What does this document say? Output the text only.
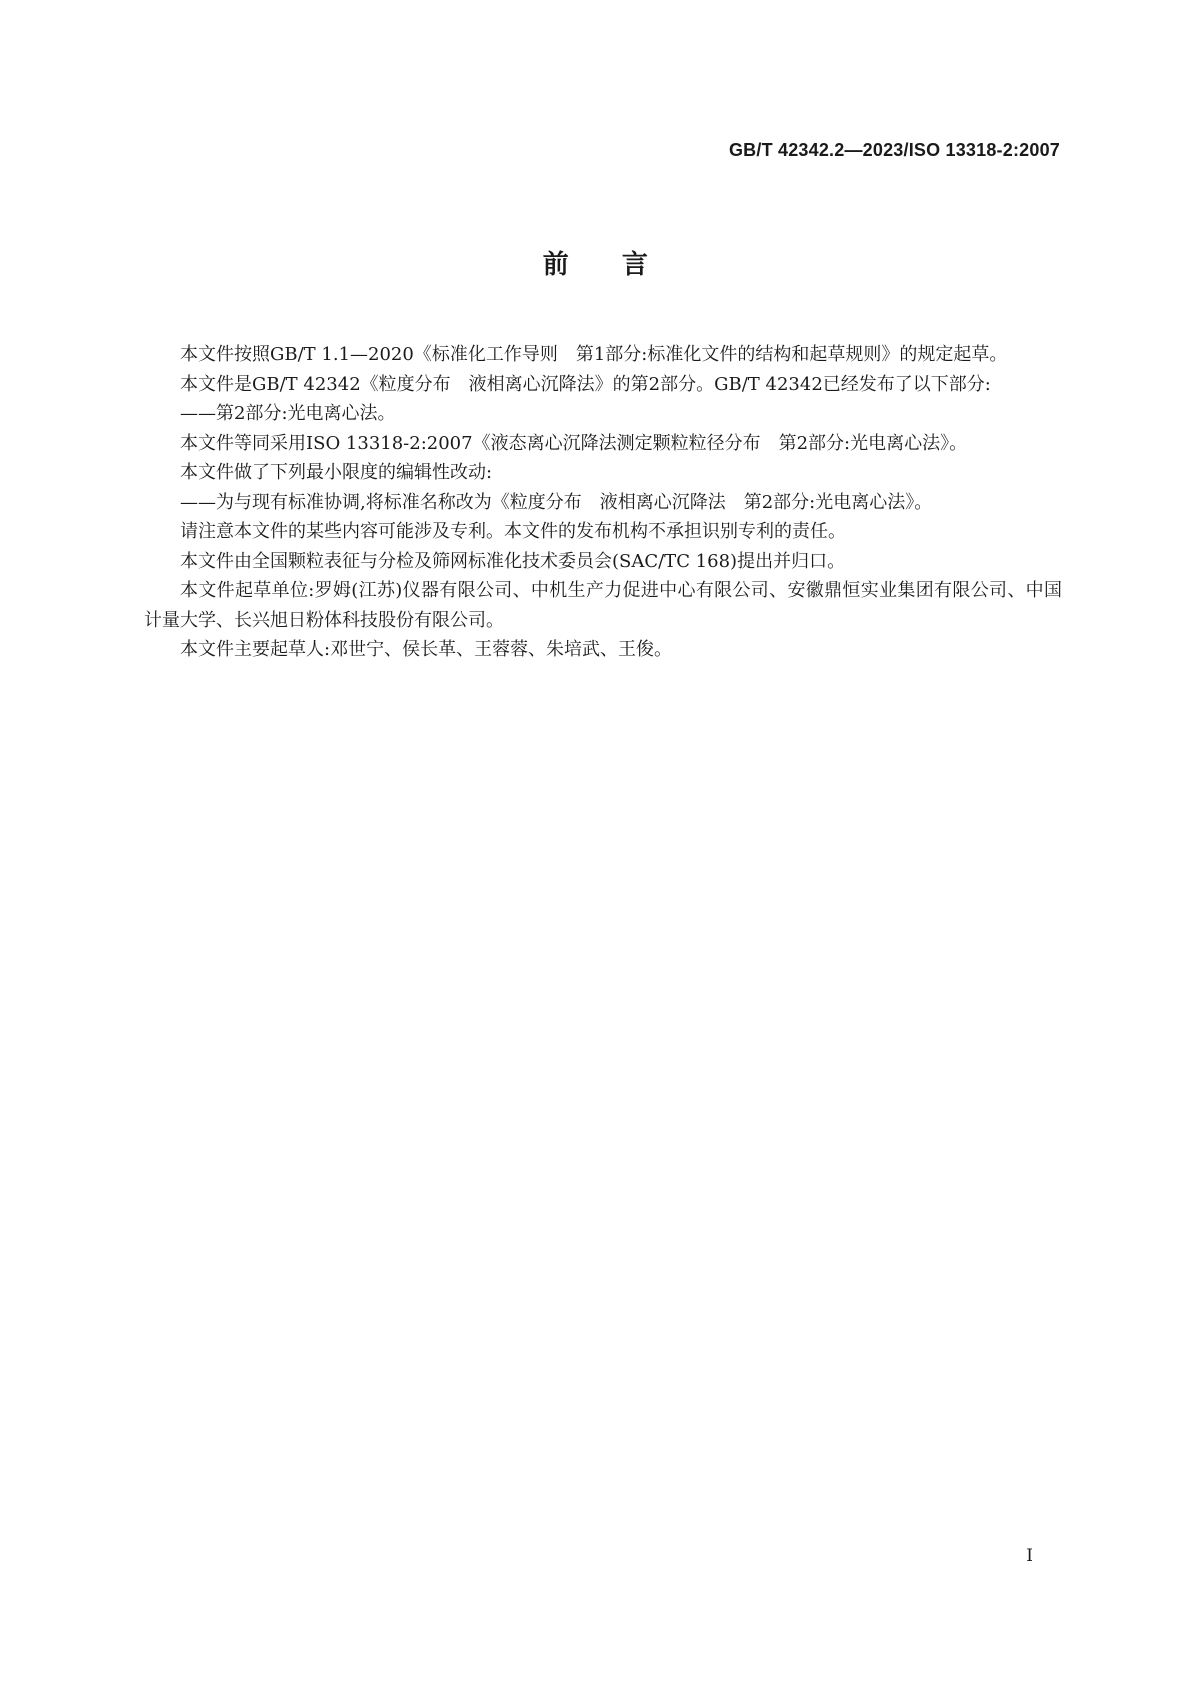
GB/T 42342.2—2023/ISO 13318-2:2007
前　　言

本文件按照GB/T 1.1—2020《标准化工作导则　第1部分:标准化文件的结构和起草规则》的规定起草。

本文件是GB/T 42342《粒度分布　液相离心沉降法》的第2部分。GB/T 42342已经发布了以下部分:

——第2部分:光电离心法。

本文件等同采用ISO 13318-2:2007《液态离心沉降法测定颗粒粒径分布　第2部分:光电离心法》。

本文件做了下列最小限度的编辑性改动:

——为与现有标准协调,将标准名称改为《粒度分布　液相离心沉降法　第2部分:光电离心法》。

请注意本文件的某些内容可能涉及专利。本文件的发布机构不承担识别专利的责任。

本文件由全国颗粒表征与分检及筛网标准化技术委员会(SAC/TC 168)提出并归口。

本文件起草单位:罗姆(江苏)仪器有限公司、中机生产力促进中心有限公司、安徽鼎恒实业集团有限公司、中国计量大学、长兴旭日粉体科技股份有限公司。

本文件主要起草人:邓世宁、侯长革、王蓉蓉、朱培武、王俊。

I
